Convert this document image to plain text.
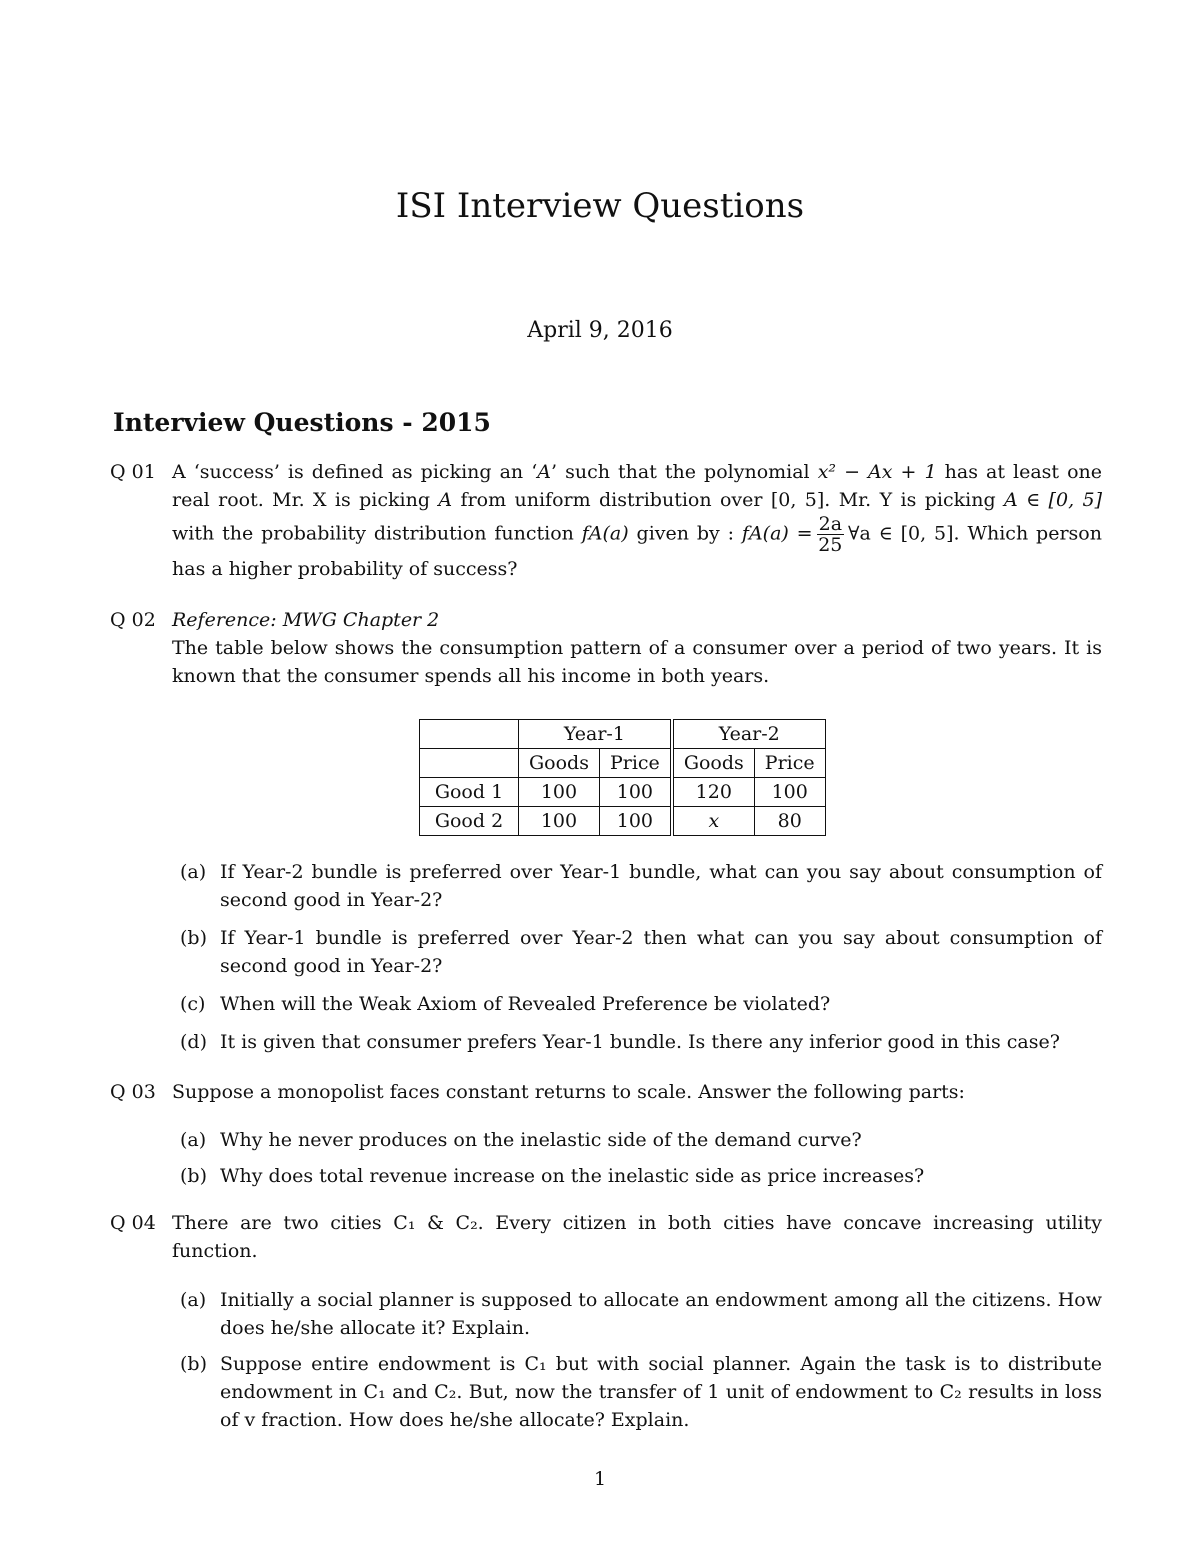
ISI Interview Questions
April 9, 2016
Interview Questions - 2015
Q 01 A ‘success’ is defined as picking an ‘A’ such that the polynomial x² − Ax + 1 has at least one real root. Mr. X is picking A from uniform distribution over [0, 5]. Mr. Y is picking A ∈ [0, 5] with the probability distribution function fA(a) given by : $fA(a) = \frac{2a}{25}$ ∀a ∈ [0, 5]. Which person has a higher probability of success?
Q 02 Reference: MWG Chapter 2
The table below shows the consumption pattern of a consumer over a period of two years. It is known that the consumer spends all his income in both years.
	Year-1		Year-2	
	Goods	Price	Goods	Price
Good 1	100	100	120	100
Good 2	100	100	x	80
(a) If Year-2 bundle is preferred over Year-1 bundle, what can you say about consumption of second good in Year-2?
(b) If Year-1 bundle is preferred over Year-2 then what can you say about consumption of second good in Year-2?
(c) When will the Weak Axiom of Revealed Preference be violated?
(d) It is given that consumer prefers Year-1 bundle. Is there any inferior good in this case?
Q 03 Suppose a monopolist faces constant returns to scale. Answer the following parts:
(a) Why he never produces on the inelastic side of the demand curve?
(b) Why does total revenue increase on the inelastic side as price increases?
Q 04 There are two cities C₁ & C₂. Every citizen in both cities have concave increasing utility function.
(a) Initially a social planner is supposed to allocate an endowment among all the citizens. How does he/she allocate it? Explain.
(b) Suppose entire endowment is C₁ but with social planner. Again the task is to distribute endowment in C₁ and C₂. But, now the transfer of 1 unit of endowment to C₂ results in loss of v fraction. How does he/she allocate? Explain.
1
